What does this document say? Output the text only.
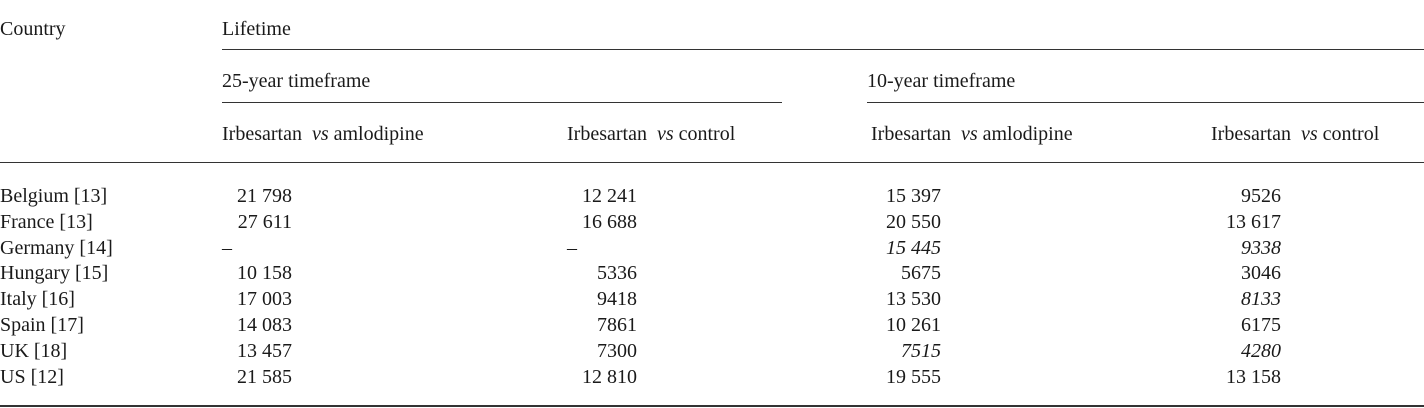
Country	Lifetime
25-year timeframe	10-year timeframe
Irbesartan vs amlodipine	Irbesartan vs control	Irbesartan vs amlodipine	Irbesartan vs control
Belgium [13]	21 798	12 241	15 397	9526
France [13]	27 611	16 688	20 550	13 617
Germany [14]	–	–	15 445	9338
Hungary [15]	10 158	5336	5675	3046
Italy [16]	17 003	9418	13 530	8133
Spain [17]	14 083	7861	10 261	6175
UK [18]	13 457	7300	7515	4280
US [12]	21 585	12 810	19 555	13 158
